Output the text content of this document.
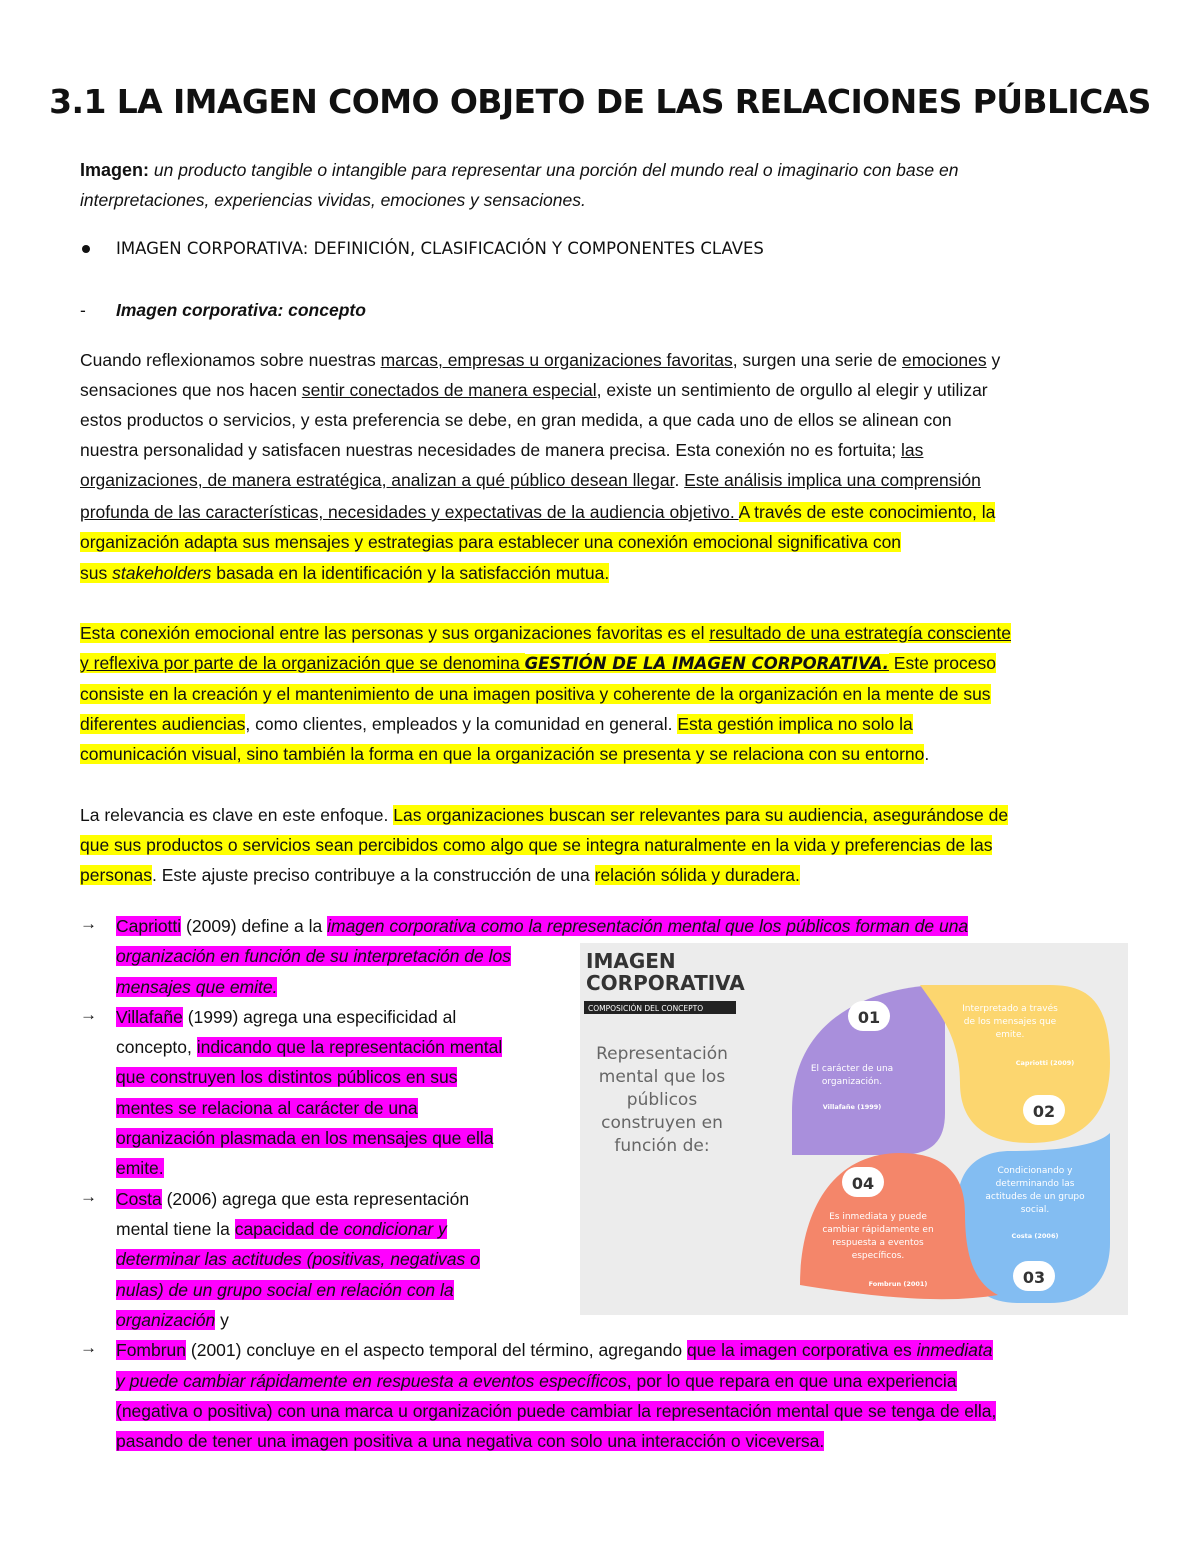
3.1 LA IMAGEN COMO OBJETO DE LAS RELACIONES PÚBLICAS
Imagen: un producto tangible o intangible para representar una porción del mundo real o imaginario con base en
interpretaciones, experiencias vividas, emociones y sensaciones.
IMAGEN CORPORATIVA: DEFINICIÓN, CLASIFICACIÓN Y COMPONENTES CLAVES
- Imagen corporativa: concepto
Cuando reflexionamos sobre nuestras marcas, empresas u organizaciones favoritas, surgen una serie de emociones y
sensaciones que nos hacen sentir conectados de manera especial, existe un sentimiento de orgullo al elegir y utilizar
estos productos o servicios, y esta preferencia se debe, en gran medida, a que cada uno de ellos se alinean con
nuestra personalidad y satisfacen nuestras necesidades de manera precisa. Esta conexión no es fortuita; las
organizaciones, de manera estratégica, analizan a qué público desean llegar. Este análisis implica una comprensión
profunda de las características, necesidades y expectativas de la audiencia objetivo. A través de este conocimiento, la
organización adapta sus mensajes y estrategias para establecer una conexión emocional significativa con
sus stakeholders basada en la identificación y la satisfacción mutua.
Esta conexión emocional entre las personas y sus organizaciones favoritas es el resultado de una estrategía consciente
y reflexiva por parte de la organización que se denomina GESTIÓN DE LA IMAGEN CORPORATIVA. Este proceso
consiste en la creación y el mantenimiento de una imagen positiva y coherente de la organización en la mente de sus
diferentes audiencias, como clientes, empleados y la comunidad en general. Esta gestión implica no solo la
comunicación visual, sino también la forma en que la organización se presenta y se relaciona con su entorno.
La relevancia es clave en este enfoque. Las organizaciones buscan ser relevantes para su audiencia, asegurándose de
que sus productos o servicios sean percibidos como algo que se integra naturalmente en la vida y preferencias de las
personas. Este ajuste preciso contribuye a la construcción de una relación sólida y duradera.
→ Capriotti (2009) define a la imagen corporativa como la representación mental que los públicos forman de una
organización en función de su interpretación de los
mensajes que emite.
→ Villafañe (1999) agrega una especificidad al
concepto, indicando que la representación mental
que construyen los distintos públicos en sus
mentes se relaciona al carácter de una
organización plasmada en los mensajes que ella
emite.
→ Costa (2006) agrega que esta representación
mental tiene la capacidad de condicionar y
determinar las actitudes (positivas, negativas o
nulas) de un grupo social en relación con la
organización y
→ Fombrun (2001) concluye en el aspecto temporal del término, agregando que la imagen corporativa es inmediata
y puede cambiar rápidamente en respuesta a eventos específicos, por lo que repara en que una experiencia
(negativa o positiva) con una marca u organización puede cambiar la representación mental que se tenga de ella,
pasando de tener una imagen positiva a una negativa con solo una interacción o viceversa.
IMAGEN
CORPORATIVA
COMPOSICIÓN DEL CONCEPTO
Representación
mental que los
públicos
construyen en
función de:
01
02
03
04
El carácter de una
organización.
Villafañe (1999)
Interpretado a través
de los mensajes que
emite.
Capriotti (2009)
Condicionando y
determinando las
actitudes de un grupo
social.
Costa (2006)
Es inmediata y puede
cambiar rápidamente en
respuesta a eventos
específicos.
Fombrun (2001)
